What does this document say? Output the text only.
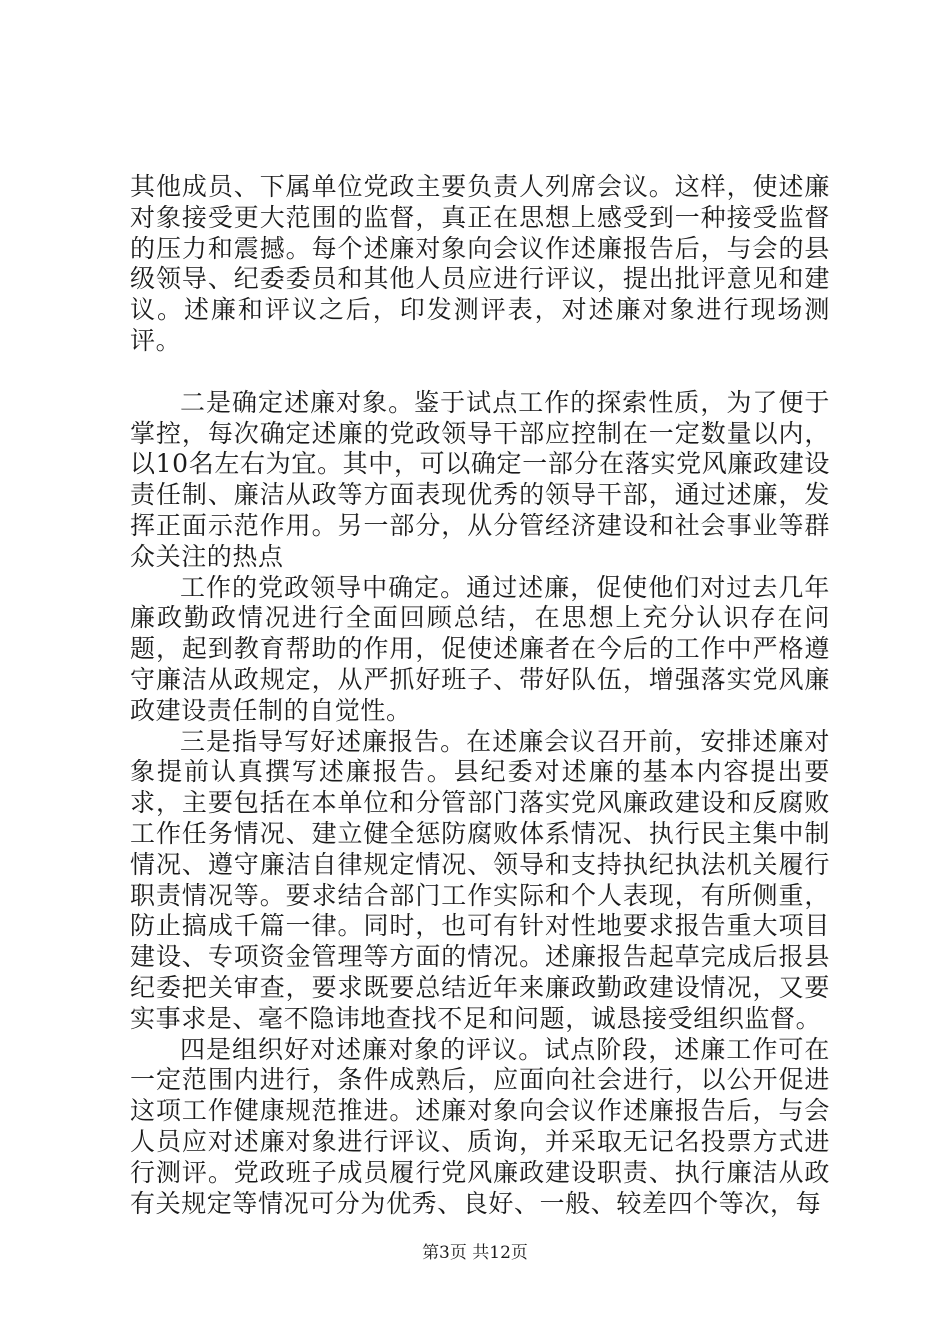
其他成员、下属单位党政主要负责人列席会议。这样，使述廉对象接受更大范围的监督，真正在思想上感受到一种接受监督的压力和震撼。每个述廉对象向会议作述廉报告后，与会的县级领导、纪委委员和其他人员应进行评议，提出批评意见和建议。述廉和评议之后，印发测评表，对述廉对象进行现场测评。

二是确定述廉对象。鉴于试点工作的探索性质，为了便于掌控，每次确定述廉的党政领导干部应控制在一定数量以内，以10名左右为宜。其中，可以确定一部分在落实党风廉政建设责任制、廉洁从政等方面表现优秀的领导干部，通过述廉，发挥正面示范作用。另一部分，从分管经济建设和社会事业等群众关注的热点

工作的党政领导中确定。通过述廉，促使他们对过去几年廉政勤政情况进行全面回顾总结，在思想上充分认识存在问题，起到教育帮助的作用，促使述廉者在今后的工作中严格遵守廉洁从政规定，从严抓好班子、带好队伍，增强落实党风廉政建设责任制的自觉性。

三是指导写好述廉报告。在述廉会议召开前，安排述廉对象提前认真撰写述廉报告。县纪委对述廉的基本内容提出要求，主要包括在本单位和分管部门落实党风廉政建设和反腐败工作任务情况、建立健全惩防腐败体系情况、执行民主集中制情况、遵守廉洁自律规定情况、领导和支持执纪执法机关履行职责情况等。要求结合部门工作实际和个人表现，有所侧重，防止搞成千篇一律。同时，也可有针对性地要求报告重大项目建设、专项资金管理等方面的情况。述廉报告起草完成后报县纪委把关审查，要求既要总结近年来廉政勤政建设情况，又要实事求是、毫不隐讳地查找不足和问题，诚恳接受组织监督。

四是组织好对述廉对象的评议。试点阶段，述廉工作可在一定范围内进行，条件成熟后，应面向社会进行，以公开促进这项工作健康规范推进。述廉对象向会议作述廉报告后，与会人员应对述廉对象进行评议、质询，并采取无记名投票方式进行测评。党政班子成员履行党风廉政建设职责、执行廉洁从政有关规定等情况可分为优秀、良好、一般、较差四个等次，每

第3页 共12页
